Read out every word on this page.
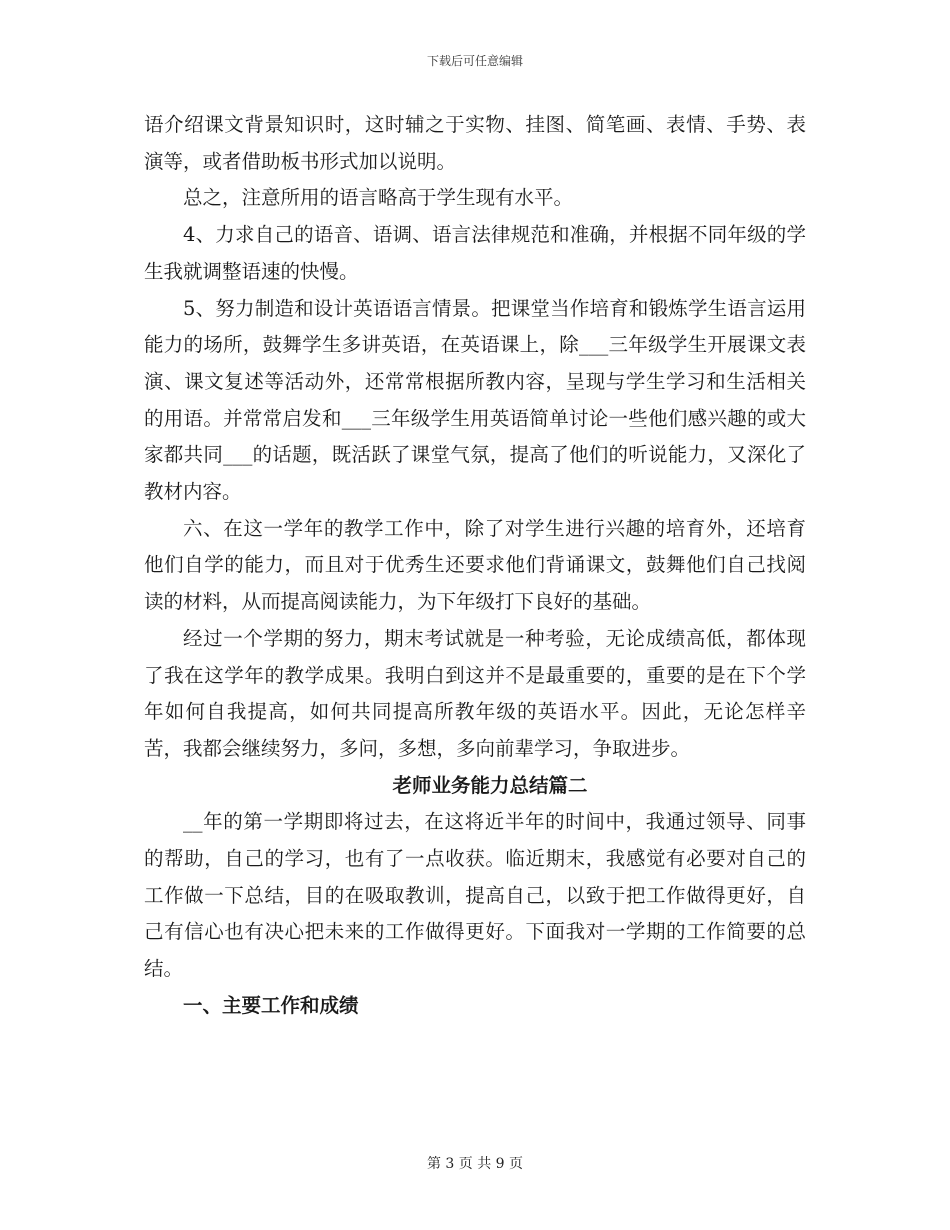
下载后可任意编辑

语介绍课文背景知识时，这时辅之于实物、挂图、简笔画、表情、手势、表演等，或者借助板书形式加以说明。

总之，注意所用的语言略高于学生现有水平。

4、力求自己的语音、语调、语言法律规范和准确，并根据不同年级的学生我就调整语速的快慢。

5、努力制造和设计英语语言情景。把课堂当作培育和锻炼学生语言运用能力的场所，鼓舞学生多讲英语，在英语课上，除___三年级学生开展课文表演、课文复述等活动外，还常常根据所教内容，呈现与学生学习和生活相关的用语。并常常启发和___三年级学生用英语简单讨论一些他们感兴趣的或大家都共同___的话题，既活跃了课堂气氛，提高了他们的听说能力，又深化了教材内容。

六、在这一学年的教学工作中，除了对学生进行兴趣的培育外，还培育他们自学的能力，而且对于优秀生还要求他们背诵课文，鼓舞他们自己找阅读的材料，从而提高阅读能力，为下年级打下良好的基础。

经过一个学期的努力，期末考试就是一种考验，无论成绩高低，都体现了我在这学年的教学成果。我明白到这并不是最重要的，重要的是在下个学年如何自我提高，如何共同提高所教年级的英语水平。因此，无论怎样辛苦，我都会继续努力，多问，多想，多向前辈学习，争取进步。

老师业务能力总结篇二

__年的第一学期即将过去，在这将近半年的时间中，我通过领导、同事的帮助，自己的学习，也有了一点收获。临近期末，我感觉有必要对自己的工作做一下总结，目的在吸取教训，提高自己，以致于把工作做得更好，自己有信心也有决心把未来的工作做得更好。下面我对一学期的工作简要的总结。

一、主要工作和成绩

第 3 页 共 9 页
